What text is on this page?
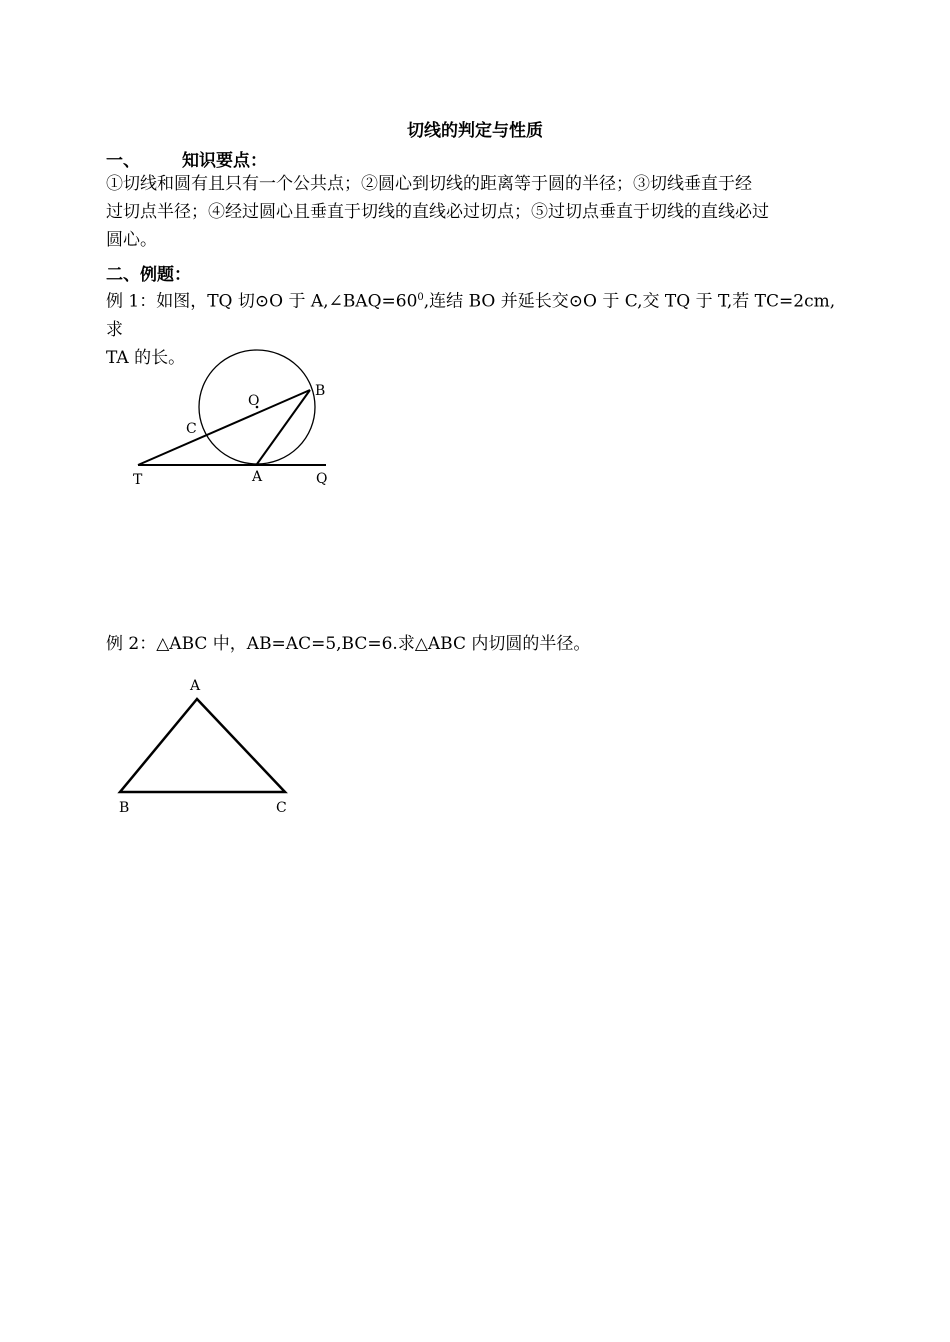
切线的判定与性质
一、 知识要点：
①切线和圆有且只有一个公共点；②圆心到切线的距离等于圆的半径；③切线垂直于经
过切点半径；④经过圆心且垂直于切线的直线必过切点；⑤过切点垂直于切线的直线必过
圆心。
二、例题：
例 1：如图，TQ 切⊙O 于 $A,\angle BAQ=60^0$,连结 BO 并延长交⊙O 于 C,交 TQ 于 T,若 TC=2cm,求
TA 的长。
O
B
C
T	A	Q
例 2：△ABC 中，AB=AC=5,BC=6.求△ABC 内切圆的半径。
A
B	C
